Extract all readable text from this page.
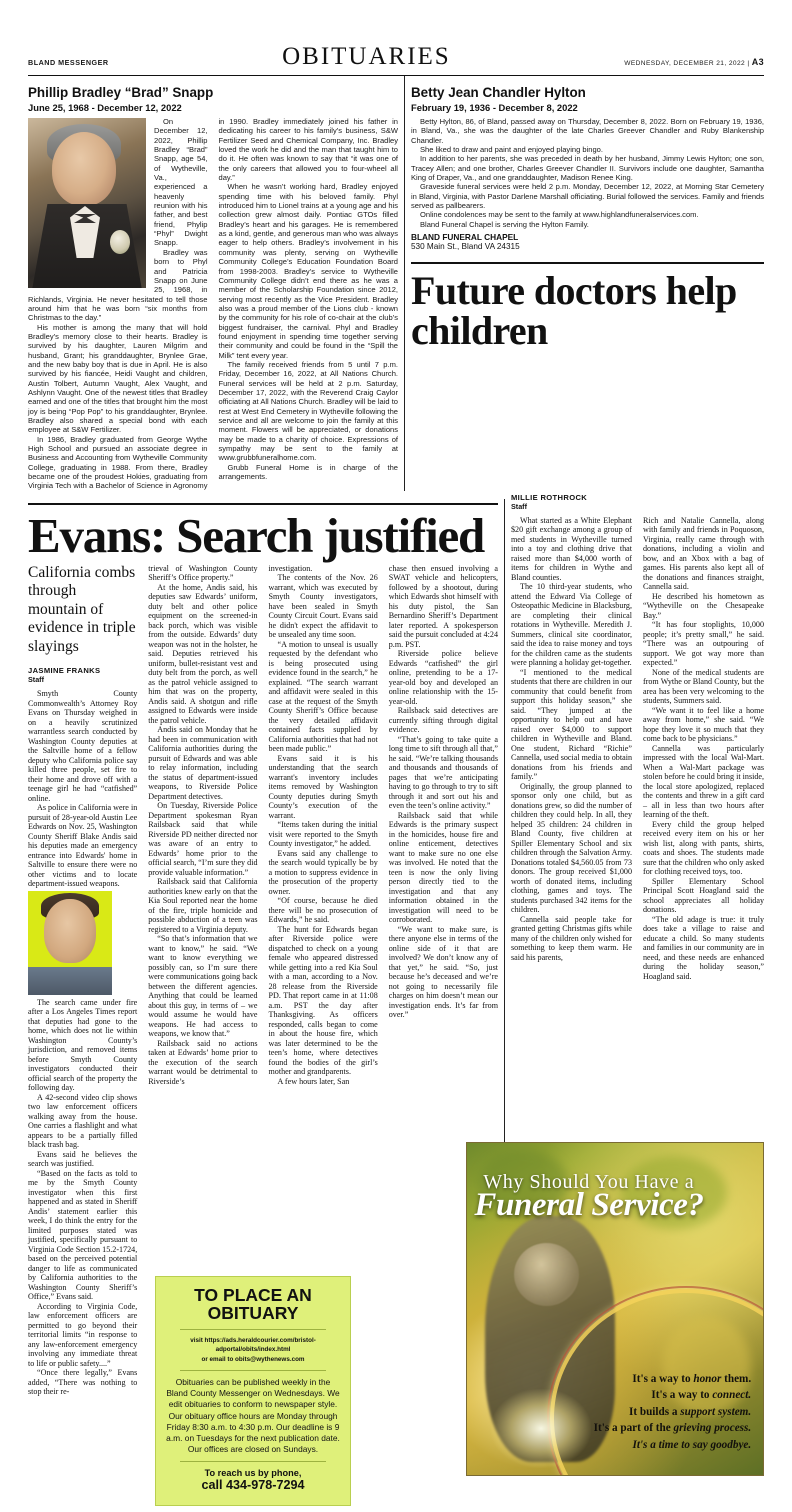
BLAND MESSENGER	OBITUARIES	WEDNESDAY, DECEMBER 21, 2022 | A3
Phillip Bradley “Brad” Snapp
June 25, 1968 - December 12, 2022

On December 12, 2022, Phillip Bradley “Brad” Snapp, age 54, of Wytheville, Va., experienced a heavenly reunion with his father, and best friend, Phylip “Phyl” Dwight Snapp.

Bradley was born to Phyl and Patricia Snapp on June 25, 1968, in Richlands, Virginia. He never hesitated to tell those around him that he was born “six months from Christmas to the day.”

His mother is among the many that will hold Bradley’s memory close to their hearts. Bradley is survived by his daughter, Lauren Milgrim and husband, Grant; his granddaughter, Brynlee Grae, and the new baby boy that is due in April. He is also survived by his fiancée, Heidi Vaught and children, Austin Tolbert, Autumn Vaught, Alex Vaught, and Ashlynn Vaught. One of the newest titles that Bradley earned and one of the titles that brought him the most joy is being “Pop Pop” to his granddaughter, Brynlee. Bradley also shared a special bond with each employee at S&W Fertilizer.

In 1986, Bradley graduated from George Wythe High School and pursued an associate degree in Business and Accounting from Wytheville Community College, graduating in 1988. From there, Bradley became one of the proudest Hokies, graduating from Virginia Tech with a Bachelor of Science in Agronomy in 1990. Bradley immediately joined his father in dedicating his career to his family’s business, S&W Fertilizer Seed and Chemical Company, Inc. Bradley loved the work he did and the man that taught him to do it. He often was known to say that “it was one of the only careers that allowed you to four-wheel all day.”

When he wasn’t working hard, Bradley enjoyed spending time with his beloved family. Phyl introduced him to Lionel trains at a young age and his collection grew almost daily. Pontiac GTOs filled Bradley’s heart and his garages. He is remembered as a kind, gentle, and generous man who was always eager to help others. Bradley’s involvement in his community was plenty, serving on Wytheville Community College’s Education Foundation Board from 1998-2003. Bradley’s service to Wytheville Community College didn’t end there as he was a member of the Scholarship Foundation since 2012, serving most recently as the Vice President. Bradley also was a proud member of the Lions club - known by the community for his role of co-chair at the club’s biggest fundraiser, the carnival. Phyl and Bradley found enjoyment in spending time together serving their community and could be found in the “Spill the Milk” tent every year.

The family received friends from 5 until 7 p.m. Friday, December 16, 2022, at All Nations Church. Funeral services will be held at 2 p.m. Saturday, December 17, 2022, with the Reverend Craig Caylor officiating at All Nations Church. Bradley will be laid to rest at West End Cemetery in Wytheville following the service and all are welcome to join the family at this moment. Flowers will be appreciated, or donations may be made to a charity of choice. Expressions of sympathy may be sent to the family at www.grubbfuneralhome.com.

Grubb Funeral Home is in charge of the arrangements.

Betty Jean Chandler Hylton
February 19, 1936 - December 8, 2022

Betty Hylton, 86, of Bland, passed away on Thursday, December 8, 2022. Born on February 19, 1936, in Bland, Va., she was the daughter of the late Charles Greever Chandler and Ruby Blankenship Chandler.

She liked to draw and paint and enjoyed playing bingo.

In addition to her parents, she was preceded in death by her husband, Jimmy Lewis Hylton; one son, Tracey Allen; and one brother, Charles Greever Chandler II. Survivors include one daughter, Samantha King of Draper, Va., and one granddaughter, Madison Renee King.

Graveside funeral services were held 2 p.m. Monday, December 12, 2022, at Morning Star Cemetery in Bland, Virginia, with Pastor Darlene Marshall officiating. Burial followed the services. Family and friends served as pallbearers.

Online condolences may be sent to the family at www.highlandfuneralservices.com.

Bland Funeral Chapel is serving the Hylton Family.

BLAND FUNERAL CHAPEL
530 Main St., Bland VA 24315
Future doctors help children
Evans: Search justified
California combs through mountain of evidence in triple slayings
JASMINE FRANKS
Staff

Smyth County Commonwealth’s Attorney Roy Evans on Thursday weighed in on a heavily scrutinized warrantless search conducted by Washington County deputies at the Saltville home of a fellow deputy who California police say killed three people, set fire to their home and drove off with a teenage girl he had “catfished” online.

As police in California were in pursuit of 28-year-old Austin Lee Edwards on Nov. 25, Washington County Sheriff Blake Andis said his deputies made an emergency entrance into Edwards' home in Saltville to ensure there were no other victims and to locate department-issued weapons.

The search came under fire after a Los Angeles Times report that deputies had gone to the home, which does not lie within Washington County’s jurisdiction, and removed items before Smyth County investigators conducted their official search of the property the following day.

A 42-second video clip shows two law enforcement officers walking away from the house. One carries a flashlight and what appears to be a partially filled black trash bag.

Evans said he believes the search was justified.

“Based on the facts as told to me by the Smyth County investigator when this first happened and as stated in Sheriff Andis’ statement earlier this week, I do think the entry for the limited purposes stated was justified, specifically pursuant to Virginia Code Section 15.2-1724, based on the perceived potential danger to life as communicated by California authorities to the Washington County Sheriff’s Office,” Evans said.

According to Virginia Code, law enforcement officers are permitted to go beyond their territorial limits “in response to any law-enforcement emergency involving any immediate threat to life or public safety....”

“Once there legally,” Evans added, “There was nothing to stop their re-

trieval of Washington County Sheriff’s Office property.”

At the home, Andis said, his deputies saw Edwards’ uniform, duty belt and other police equipment on the screened-in back porch, which was visible from the outside. Edwards’ duty weapon was not in the holster, he said. Deputies retrieved his uniform, bullet-resistant vest and duty belt from the porch, as well as the patrol vehicle assigned to him that was on the property, Andis said. A shotgun and rifle assigned to Edwards were inside the patrol vehicle.

Andis said on Monday that he had been in communication with California authorities during the pursuit of Edwards and was able to relay information, including the status of department-issued weapons, to Riverside Police Department detectives.

On Tuesday, Riverside Police Department spokesman Ryan Railsback said that while Riverside PD neither directed nor was aware of an entry to Edwards’ home prior to the official search, “I’m sure they did provide valuable information.”

Railsback said that California authorities knew early on that the Kia Soul reported near the home of the fire, triple homicide and possible abduction of a teen was registered to a Virginia deputy.

“So that’s information that we want to know,” he said. “We want to know everything we possibly can, so I’m sure there were communications going back between the different agencies. Anything that could be learned about this guy, in terms of – we would assume he would have weapons. He had access to weapons, we know that.”

Railsback said no actions taken at Edwards’ home prior to the execution of the search warrant would be detrimental to Riverside’s

investigation.

The contents of the Nov. 26 warrant, which was executed by Smyth County investigators, have been sealed in Smyth County Circuit Court. Evans said he didn't expect the affidavit to be unsealed any time soon.

“A motion to unseal is usually requested by the defendant who is being prosecuted using evidence found in the search,” he explained. “The search warrant and affidavit were sealed in this case at the request of the Smyth County Sheriff’s Office because the very detailed affidavit contained facts supplied by California authorities that had not been made public.”

Evans said it is his understanding that the search warrant's inventory includes items removed by Washington County deputies during Smyth County’s execution of the warrant.

“Items taken during the initial visit were reported to the Smyth County investigator,” he added.

Evans said any challenge to the search would typically be by a motion to suppress evidence in the prosecution of the property owner.

“Of course, because he died there will be no prosecution of Edwards,” he said.

The hunt for Edwards began after Riverside police were dispatched to check on a young female who appeared distressed while getting into a red Kia Soul with a man, according to a Nov. 28 release from the Riverside PD. That report came in at 11:08 a.m. PST the day after Thanksgiving. As officers responded, calls began to come in about the house fire, which was later determined to be the teen’s home, where detectives found the bodies of the girl’s mother and grandparents.

A few hours later, San

chase then ensued involving a SWAT vehicle and helicopters, followed by a shootout, during which Edwards shot himself with his duty pistol, the San Bernardino Sheriff’s Department later reported. A spokesperson said the pursuit concluded at 4:24 p.m. PST.

Riverside police believe Edwards “catfished” the girl online, pretending to be a 17-year-old boy and developed an online relationship with the 15-year-old.

Railsback said detectives are currently sifting through digital evidence.

“That’s going to take quite a long time to sift through all that,” he said. “We’re talking thousands and thousands and thousands of pages that we’re anticipating having to go through to try to sift through it and sort out his and even the teen’s online activity.”

Railsback said that while Edwards is the primary suspect in the homicides, house fire and online enticement, detectives want to make sure no one else was involved. He noted that the teen is now the only living person directly tied to the investigation and that any information obtained in the investigation will need to be corroborated.

“We want to make sure, is there anyone else in terms of the online side of it that are involved? We don’t know any of that yet,” he said. “So, just because he’s deceased and we’re not going to necessarily file charges on him doesn’t mean our investigation ends. It’s far from over.”

MILLIE ROTHROCK
Staff

What started as a White Elephant $20 gift exchange among a group of med students in Wytheville turned into a toy and clothing drive that raised more than $4,000 worth of items for children in Wythe and Bland counties.

The 10 third-year students, who attend the Edward Via College of Osteopathic Medicine in Blacksburg, are completing their clinical rotations in Wytheville. Meredith J. Summers, clinical site coordinator, said the idea to raise money and toys for the children came as the students were planning a holiday get-together.

“I mentioned to the medical students that there are children in our community that could benefit from support this holiday season,” she said. “They jumped at the opportunity to help out and have raised over $4,000 to support children in Wytheville and Bland. One student, Richard “Richie” Cannella, used social media to obtain donations from his friends and family.”

Originally, the group planned to sponsor only one child, but as donations grew, so did the number of children they could help. In all, they helped 35 children: 24 children in Bland County, five children at Spiller Elementary School and six children through the Salvation Army. Donations totaled $4,560.05 from 73 donors. The group received $1,000 worth of donated items, including clothing, games and toys. The students purchased 342 items for the children.

Cannella said people take for granted getting Christmas gifts while many of the children only wished for something to keep them warm. He said his parents,

Rich and Natalie Cannella, along with family and friends in Poquoson, Virginia, really came through with donations, including a violin and bow, and an Xbox with a bag of games. His parents also kept all of the donations and finances straight, Cannella said.

He described his hometown as “Wytheville on the Chesapeake Bay.”

“It has four stoplights, 10,000 people; it’s pretty small,” he said. “There was an outpouring of support. We got way more than expected.”

None of the medical students are from Wythe or Bland County, but the area has been very welcoming to the students, Summers said.

“We want it to feel like a home away from home,” she said. “We hope they love it so much that they come back to be physicians.”

Cannella was particularly impressed with the local Wal-Mart. When a Wal-Mart package was stolen before he could bring it inside, the local store apologized, replaced the contents and threw in a gift card – all in less than two hours after learning of the theft.

Every child the group helped received every item on his or her wish list, along with pants, shirts, coats and shoes. The students made sure that the children who only asked for clothing received toys, too.

Spiller Elementary School Principal Scott Hoagland said the school appreciates all holiday donations.

“The old adage is true: it truly does take a village to raise and educate a child. So many students and families in our community are in need, and these needs are enhanced during the holiday season,” Hoagland said.

TO PLACE AN OBITUARY
visit https://ads.heraldcourier.com/bristol-adportal/obits/index.html
or email to obits@wythenews.com
Obituaries can be published weekly in the Bland County Messenger on Wednesdays. We edit obituaries to conform to newspaper style. Our obituary office hours are Monday through Friday 8:30 a.m. to 4:30 p.m. Our deadline is 9 a.m. on Tuesdays for the next publication date. Our offices are closed on Sundays.
To reach us by phone,
call 434-978-7294
Why Should You Have a
Funeral Service?
It's a way to honor them.
It's a way to connect.
It builds a support system.
It's a part of the grieving process.
It's a time to say goodbye.
